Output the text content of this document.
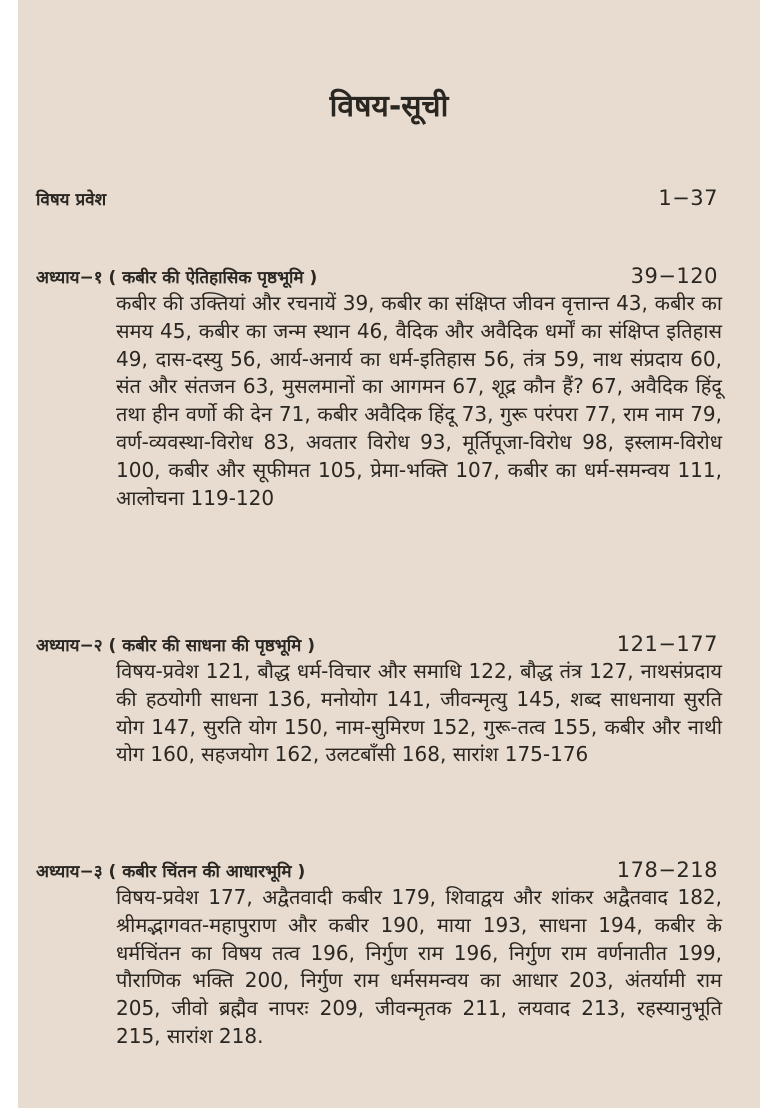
विषय-सूची
विषय प्रवेश	1−37
अध्याय−१ ( कबीर की ऐतिहासिक पृष्ठभूमि )	39−120
कबीर की उक्तियां और रचनायें 39, कबीर का संक्षिप्त जीवन वृत्तान्त 43, कबीर का समय 45, कबीर का जन्म स्थान 46, वैदिक और अवैदिक धर्मों का संक्षिप्त इतिहास 49, दास-दस्यु 56, आर्य-अनार्य का धर्म-इतिहास 56, तंत्र 59, नाथ संप्रदाय 60, संत और संतजन 63, मुसलमानों का आगमन 67, शूद्र कौन हैं? 67, अवैदिक हिंदू तथा हीन वर्णो की देन 71, कबीर अवैदिक हिंदू 73, गुरू परंपरा 77, राम नाम 79, वर्ण-व्यवस्था-विरोध 83, अवतार विरोध 93, मूर्तिपूजा-विरोध 98, इस्लाम-विरोध 100, कबीर और सूफीमत 105, प्रेमा-भक्ति 107, कबीर का धर्म-समन्वय 111, आलोचना 119-120
अध्याय−२ ( कबीर की साधना की पृष्ठभूमि )	121−177
विषय-प्रवेश 121, बौद्ध धर्म-विचार और समाधि 122, बौद्ध तंत्र 127, नाथसंप्रदाय की हठयोगी साधना 136, मनोयोग 141, जीवन्मृत्यु 145, शब्द साधनाया सुरति योग 147, सुरति योग 150, नाम-सुमिरण 152, गुरू-तत्व 155, कबीर और नाथी योग 160, सहजयोग 162, उलटबाँसी 168, सारांश 175-176
अध्याय−३ ( कबीर चिंतन की आधारभूमि )	178−218
विषय-प्रवेश 177, अद्वैतवादी कबीर 179, शिवाद्वय और शांकर अद्वैतवाद 182, श्रीमद्भागवत-महापुराण और कबीर 190, माया 193, साधना 194, कबीर के धर्मचिंतन का विषय तत्व 196, निर्गुण राम 196, निर्गुण राम वर्णनातीत 199, पौराणिक भक्ति 200, निर्गुण राम धर्मसमन्वय का आधार 203, अंतर्यामी राम 205, जीवो ब्रह्मैव नापरः 209, जीवन्मृतक 211, लयवाद 213, रहस्यानुभूति 215, सारांश 218.
